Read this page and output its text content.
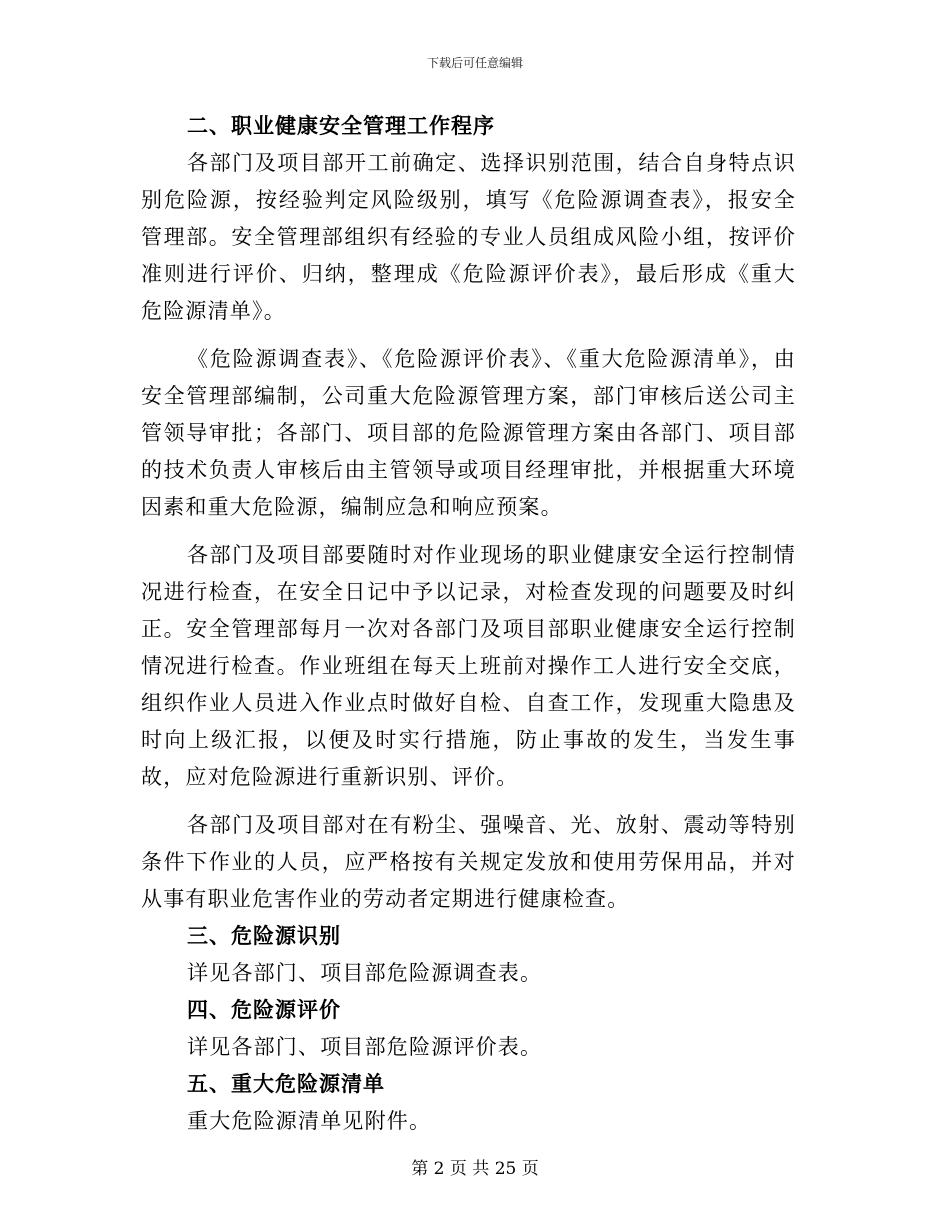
下载后可任意编辑
二、职业健康安全管理工作程序

各部门及项目部开工前确定、选择识别范围，结合自身特点识别危险源，按经验判定风险级别，填写《危险源调查表》，报安全管理部。安全管理部组织有经验的专业人员组成风险小组，按评价准则进行评价、归纳，整理成《危险源评价表》，最后形成《重大危险源清单》。

《危险源调查表》、《危险源评价表》、《重大危险源清单》，由安全管理部编制，公司重大危险源管理方案，部门审核后送公司主管领导审批；各部门、项目部的危险源管理方案由各部门、项目部的技术负责人审核后由主管领导或项目经理审批，并根据重大环境因素和重大危险源，编制应急和响应预案。

各部门及项目部要随时对作业现场的职业健康安全运行控制情况进行检查，在安全日记中予以记录，对检查发现的问题要及时纠正。安全管理部每月一次对各部门及项目部职业健康安全运行控制情况进行检查。作业班组在每天上班前对操作工人进行安全交底，组织作业人员进入作业点时做好自检、自查工作，发现重大隐患及时向上级汇报，以便及时实行措施，防止事故的发生，当发生事故，应对危险源进行重新识别、评价。

各部门及项目部对在有粉尘、强噪音、光、放射、震动等特别条件下作业的人员，应严格按有关规定发放和使用劳保用品，并对从事有职业危害作业的劳动者定期进行健康检查。

三、危险源识别

详见各部门、项目部危险源调查表。

四、危险源评价

详见各部门、项目部危险源评价表。

五、重大危险源清单

重大危险源清单见附件。

第 2 页 共 25 页
